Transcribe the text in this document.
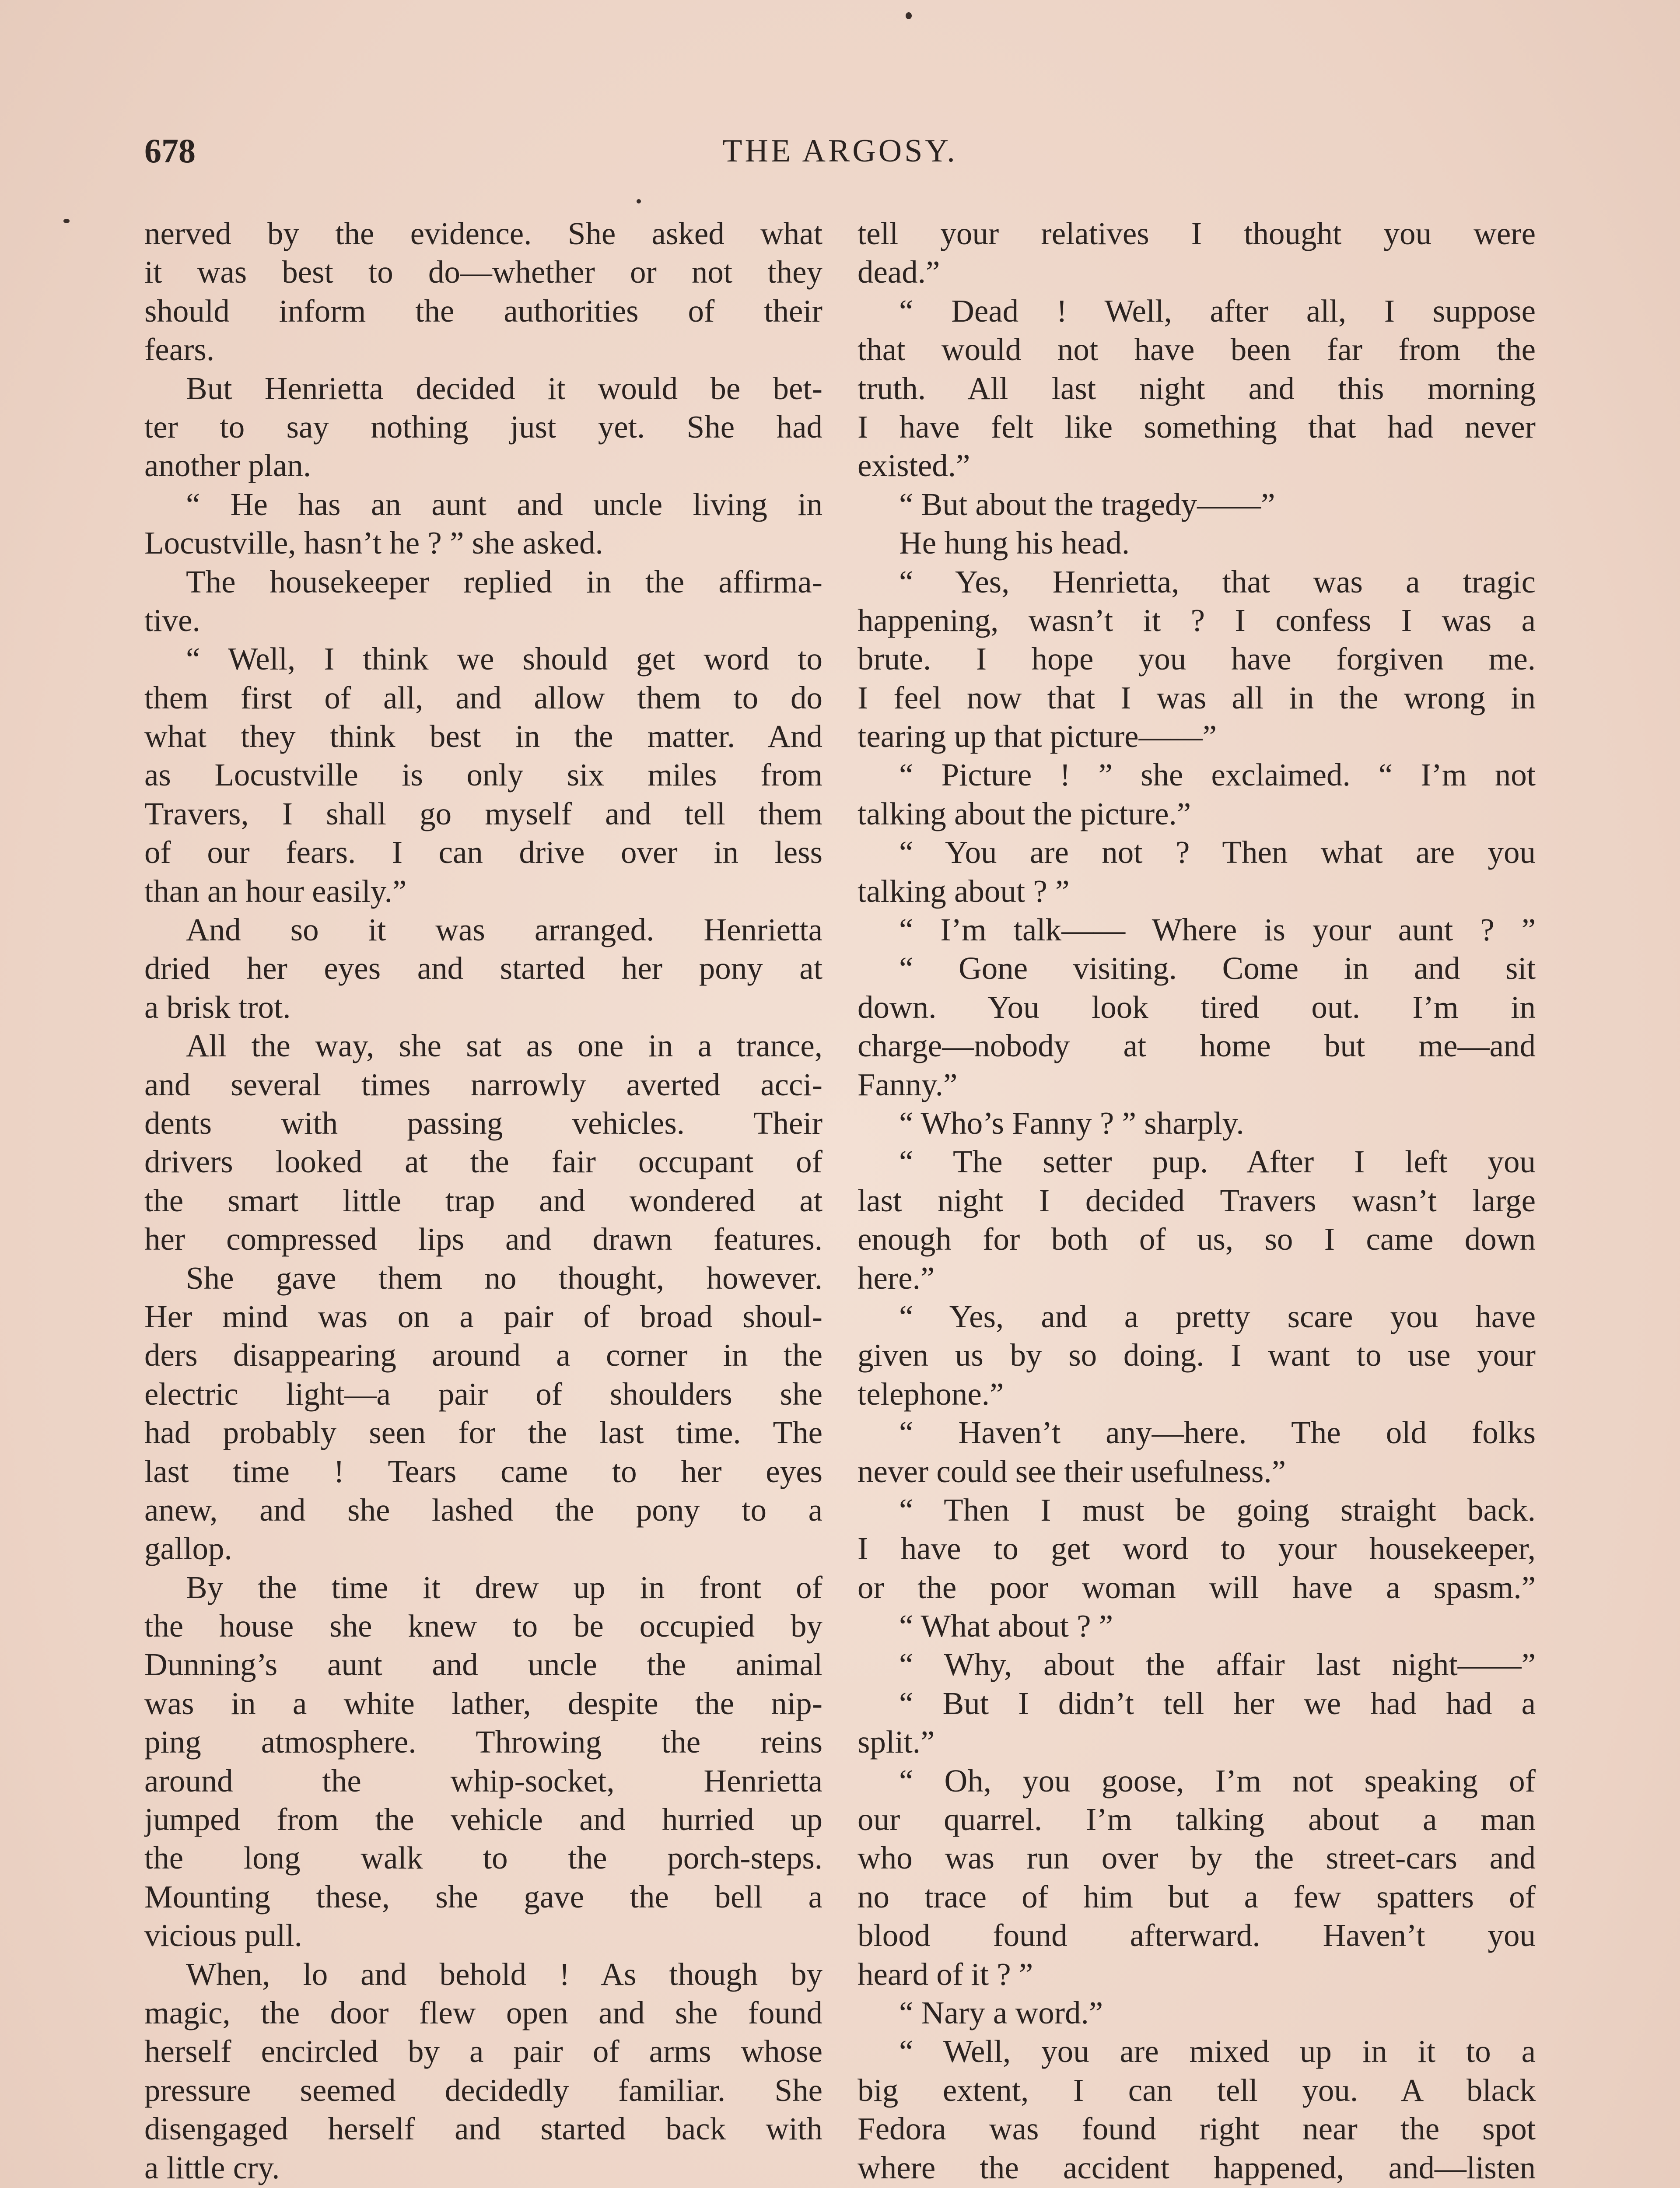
678	THE ARGOSY.
nerved by the evidence. She asked what
it was best to do—whether or not they
should inform the authorities of their
fears.
But Henrietta decided it would be bet-
ter to say nothing just yet. She had
another plan.
“ He has an aunt and uncle living in
Locustville, hasn’t he ? ” she asked.
The housekeeper replied in the affirma-
tive.
“ Well, I think we should get word to
them first of all, and allow them to do
what they think best in the matter. And
as Locustville is only six miles from
Travers, I shall go myself and tell them
of our fears. I can drive over in less
than an hour easily.”
And so it was arranged. Henrietta
dried her eyes and started her pony at
a brisk trot.
All the way, she sat as one in a trance,
and several times narrowly averted acci-
dents with passing vehicles. Their
drivers looked at the fair occupant of
the smart little trap and wondered at
her compressed lips and drawn features.
She gave them no thought, however.
Her mind was on a pair of broad shoul-
ders disappearing around a corner in the
electric light—a pair of shoulders she
had probably seen for the last time. The
last time ! Tears came to her eyes
anew, and she lashed the pony to a
gallop.
By the time it drew up in front of
the house she knew to be occupied by
Dunning’s aunt and uncle the animal
was in a white lather, despite the nip-
ping atmosphere. Throwing the reins
around the whip-socket, Henrietta
jumped from the vehicle and hurried up
the long walk to the porch-steps.
Mounting these, she gave the bell a
vicious pull.
When, lo and behold ! As though by
magic, the door flew open and she found
herself encircled by a pair of arms whose
pressure seemed decidedly familiar. She
disengaged herself and started back with
a little cry.
tell your relatives I thought you were
dead.”
“ Dead ! Well, after all, I suppose
that would not have been far from the
truth. All last night and this morning
I have felt like something that had never
existed.”
“ But about the tragedy——”
He hung his head.
“ Yes, Henrietta, that was a tragic
happening, wasn’t it ? I confess I was a
brute. I hope you have forgiven me.
I feel now that I was all in the wrong in
tearing up that picture——”
“ Picture ! ” she exclaimed. “ I’m not
talking about the picture.”
“ You are not ? Then what are you
talking about ? ”
“ I’m talk—— Where is your aunt ? ”
“ Gone visiting. Come in and sit
down. You look tired out. I’m in
charge—nobody at home but me—and
Fanny.”
“ Who’s Fanny ? ” sharply.
“ The setter pup. After I left you
last night I decided Travers wasn’t large
enough for both of us, so I came down
here.”
“ Yes, and a pretty scare you have
given us by so doing. I want to use your
telephone.”
“ Haven’t any—here. The old folks
never could see their usefulness.”
“ Then I must be going straight back.
I have to get word to your housekeeper,
or the poor woman will have a spasm.”
“ What about ? ”
“ Why, about the affair last night——”
“ But I didn’t tell her we had had a
split.”
“ Oh, you goose, I’m not speaking of
our quarrel. I’m talking about a man
who was run over by the street-cars and
no trace of him but a few spatters of
blood found afterward. Haven’t you
heard of it ? ”
“ Nary a word.”
“ Well, you are mixed up in it to a
big extent, I can tell you. A black
Fedora was found right near the spot
where the accident happened, and—listen
